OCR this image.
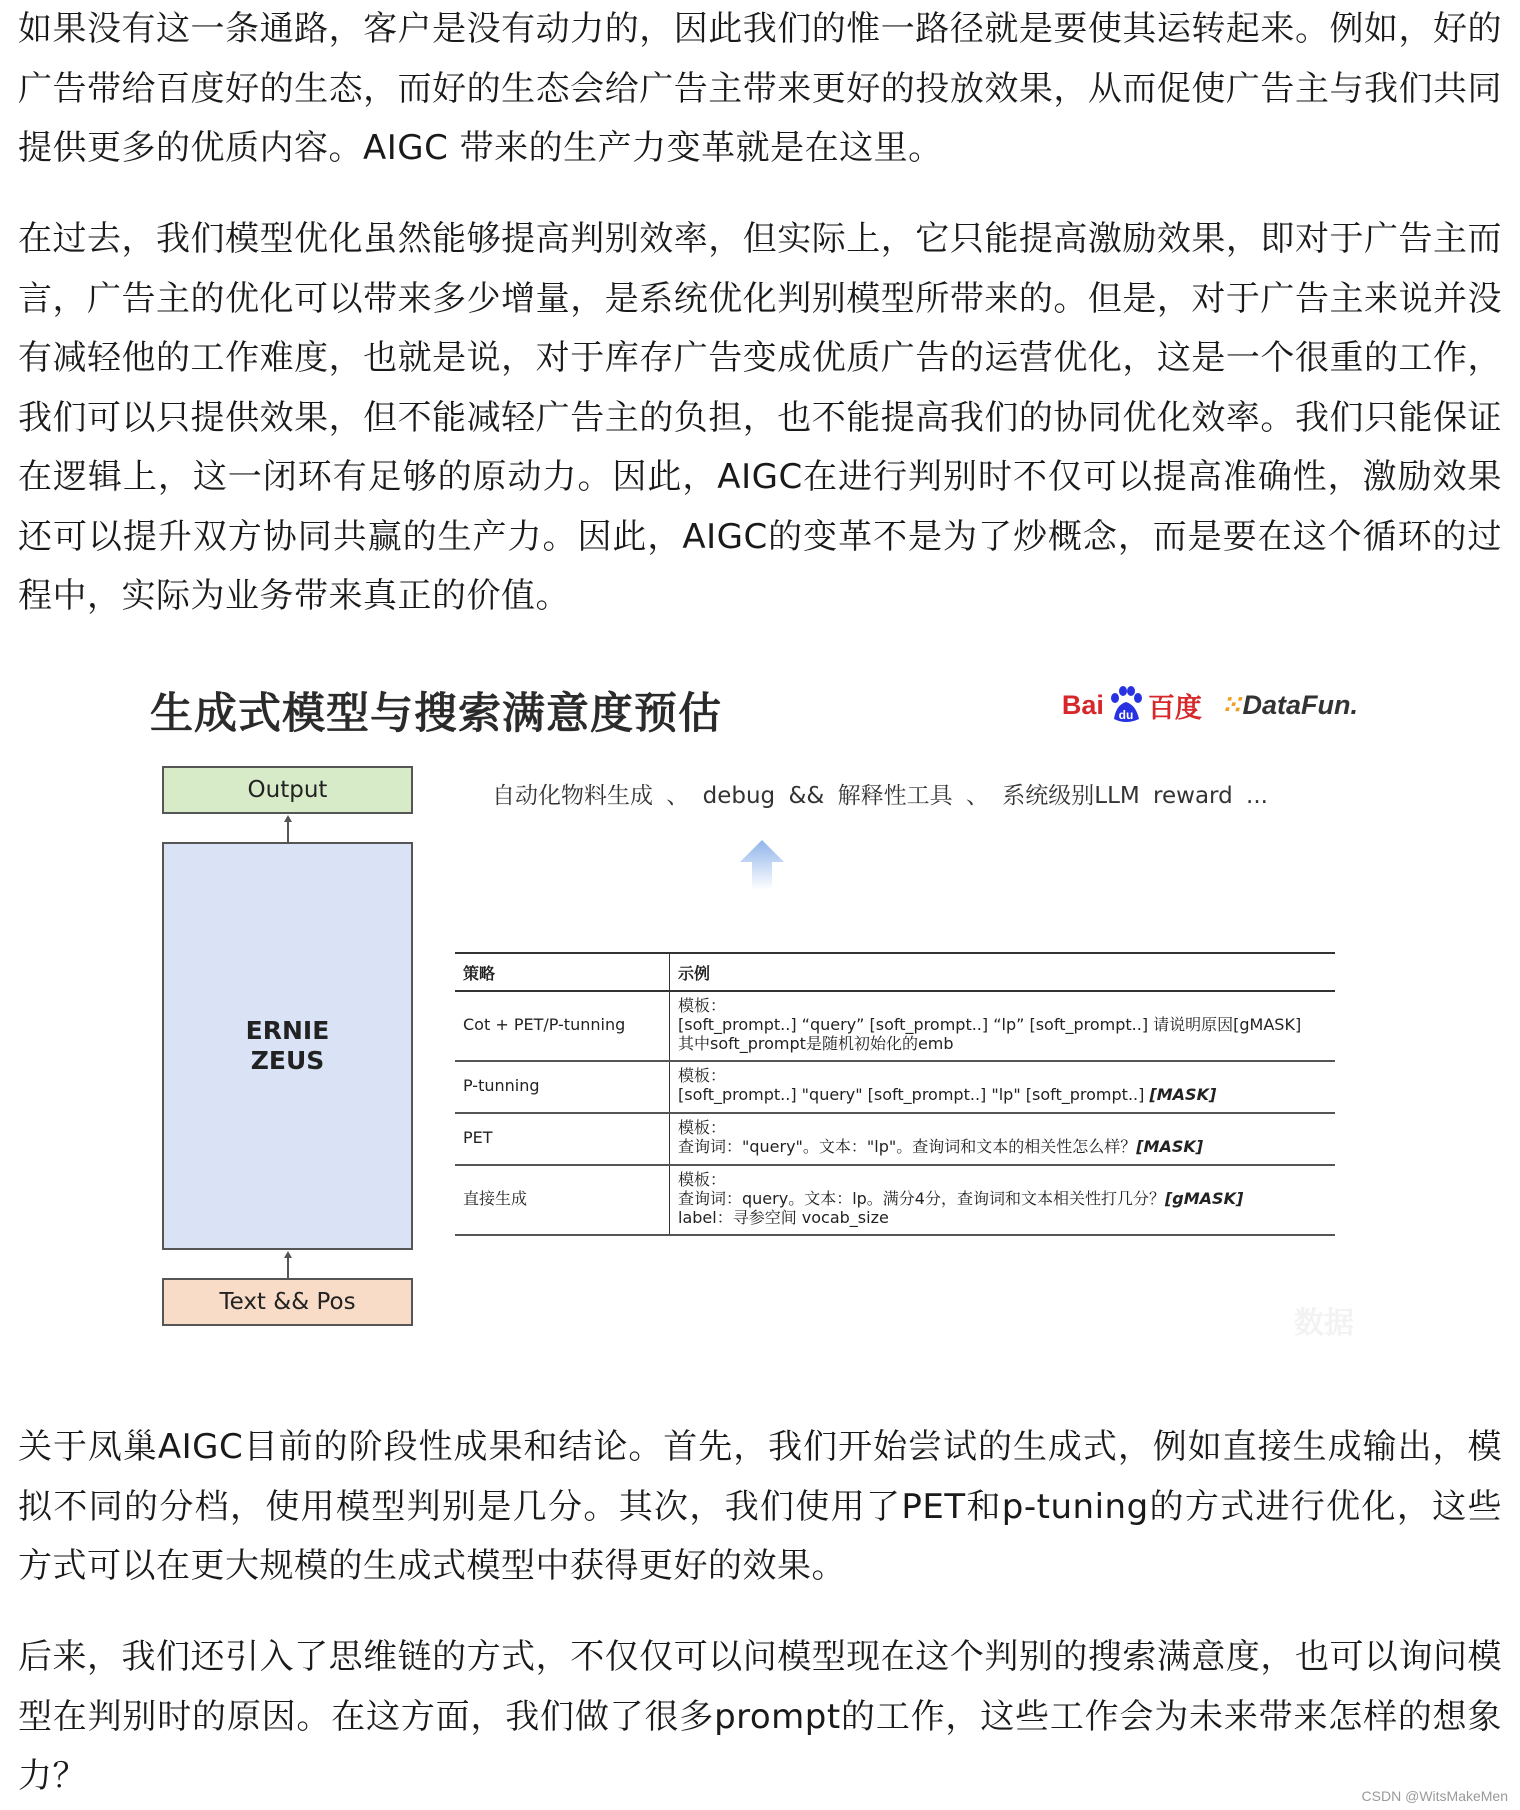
如果没有这一条通路，客户是没有动力的，因此我们的惟一路径就是要使其运转起来。例如，好的广告带给百度好的生态，而好的生态会给广告主带来更好的投放效果，从而促使广告主与我们共同提供更多的优质内容。AIGC 带来的生产力变革就是在这里。

在过去，我们模型优化虽然能够提高判别效率，但实际上，它只能提高激励效果，即对于广告主而言，广告主的优化可以带来多少增量，是系统优化判别模型所带来的。但是，对于广告主来说并没有减轻他的工作难度，也就是说，对于库存广告变成优质广告的运营优化，这是一个很重的工作，我们可以只提供效果，但不能减轻广告主的负担，也不能提高我们的协同优化效率。我们只能保证在逻辑上，这一闭环有足够的原动力。因此，AIGC在进行判别时不仅可以提高准确性，激励效果还可以提升双方协同共赢的生产力。因此，AIGC的变革不是为了炒概念，而是要在这个循环的过程中，实际为业务带来真正的价值。

生成式模型与搜索满意度预估	Bai du 百度 ⁙DataFun.
Output
ERNIE
ZEUS
Text && Pos
自动化物料生成 、 debug && 解释性工具 、 系统级别LLM reward ...
策略	示例
Cot + PET/P-tunning	模板：
[soft_prompt..] “query” [soft_prompt..] “lp” [soft_prompt..] 请说明原因[gMASK]
其中soft_prompt是随机初始化的emb

P-tunning	模板：
[soft_prompt..] "query" [soft_prompt..] "lp" [soft_prompt..] [MASK]

PET	模板：
查询词："query"。文本："lp"。查询词和文本的相关性怎么样？[MASK]

直接生成	模板：
查询词：query。文本：lp。满分4分，查询词和文本相关性打几分？[gMASK]
label：寻参空间 vocab_size
数据

关于凤巢AIGC目前的阶段性成果和结论。首先，我们开始尝试的生成式，例如直接生成输出，模拟不同的分档，使用模型判别是几分。其次，我们使用了PET和p-tuning的方式进行优化，这些方式可以在更大规模的生成式模型中获得更好的效果。

后来，我们还引入了思维链的方式，不仅仅可以问模型现在这个判别的搜索满意度，也可以询问模型在判别时的原因。在这方面，我们做了很多prompt的工作，这些工作会为未来带来怎样的想象力？	CSDN @WitsMakeMen
